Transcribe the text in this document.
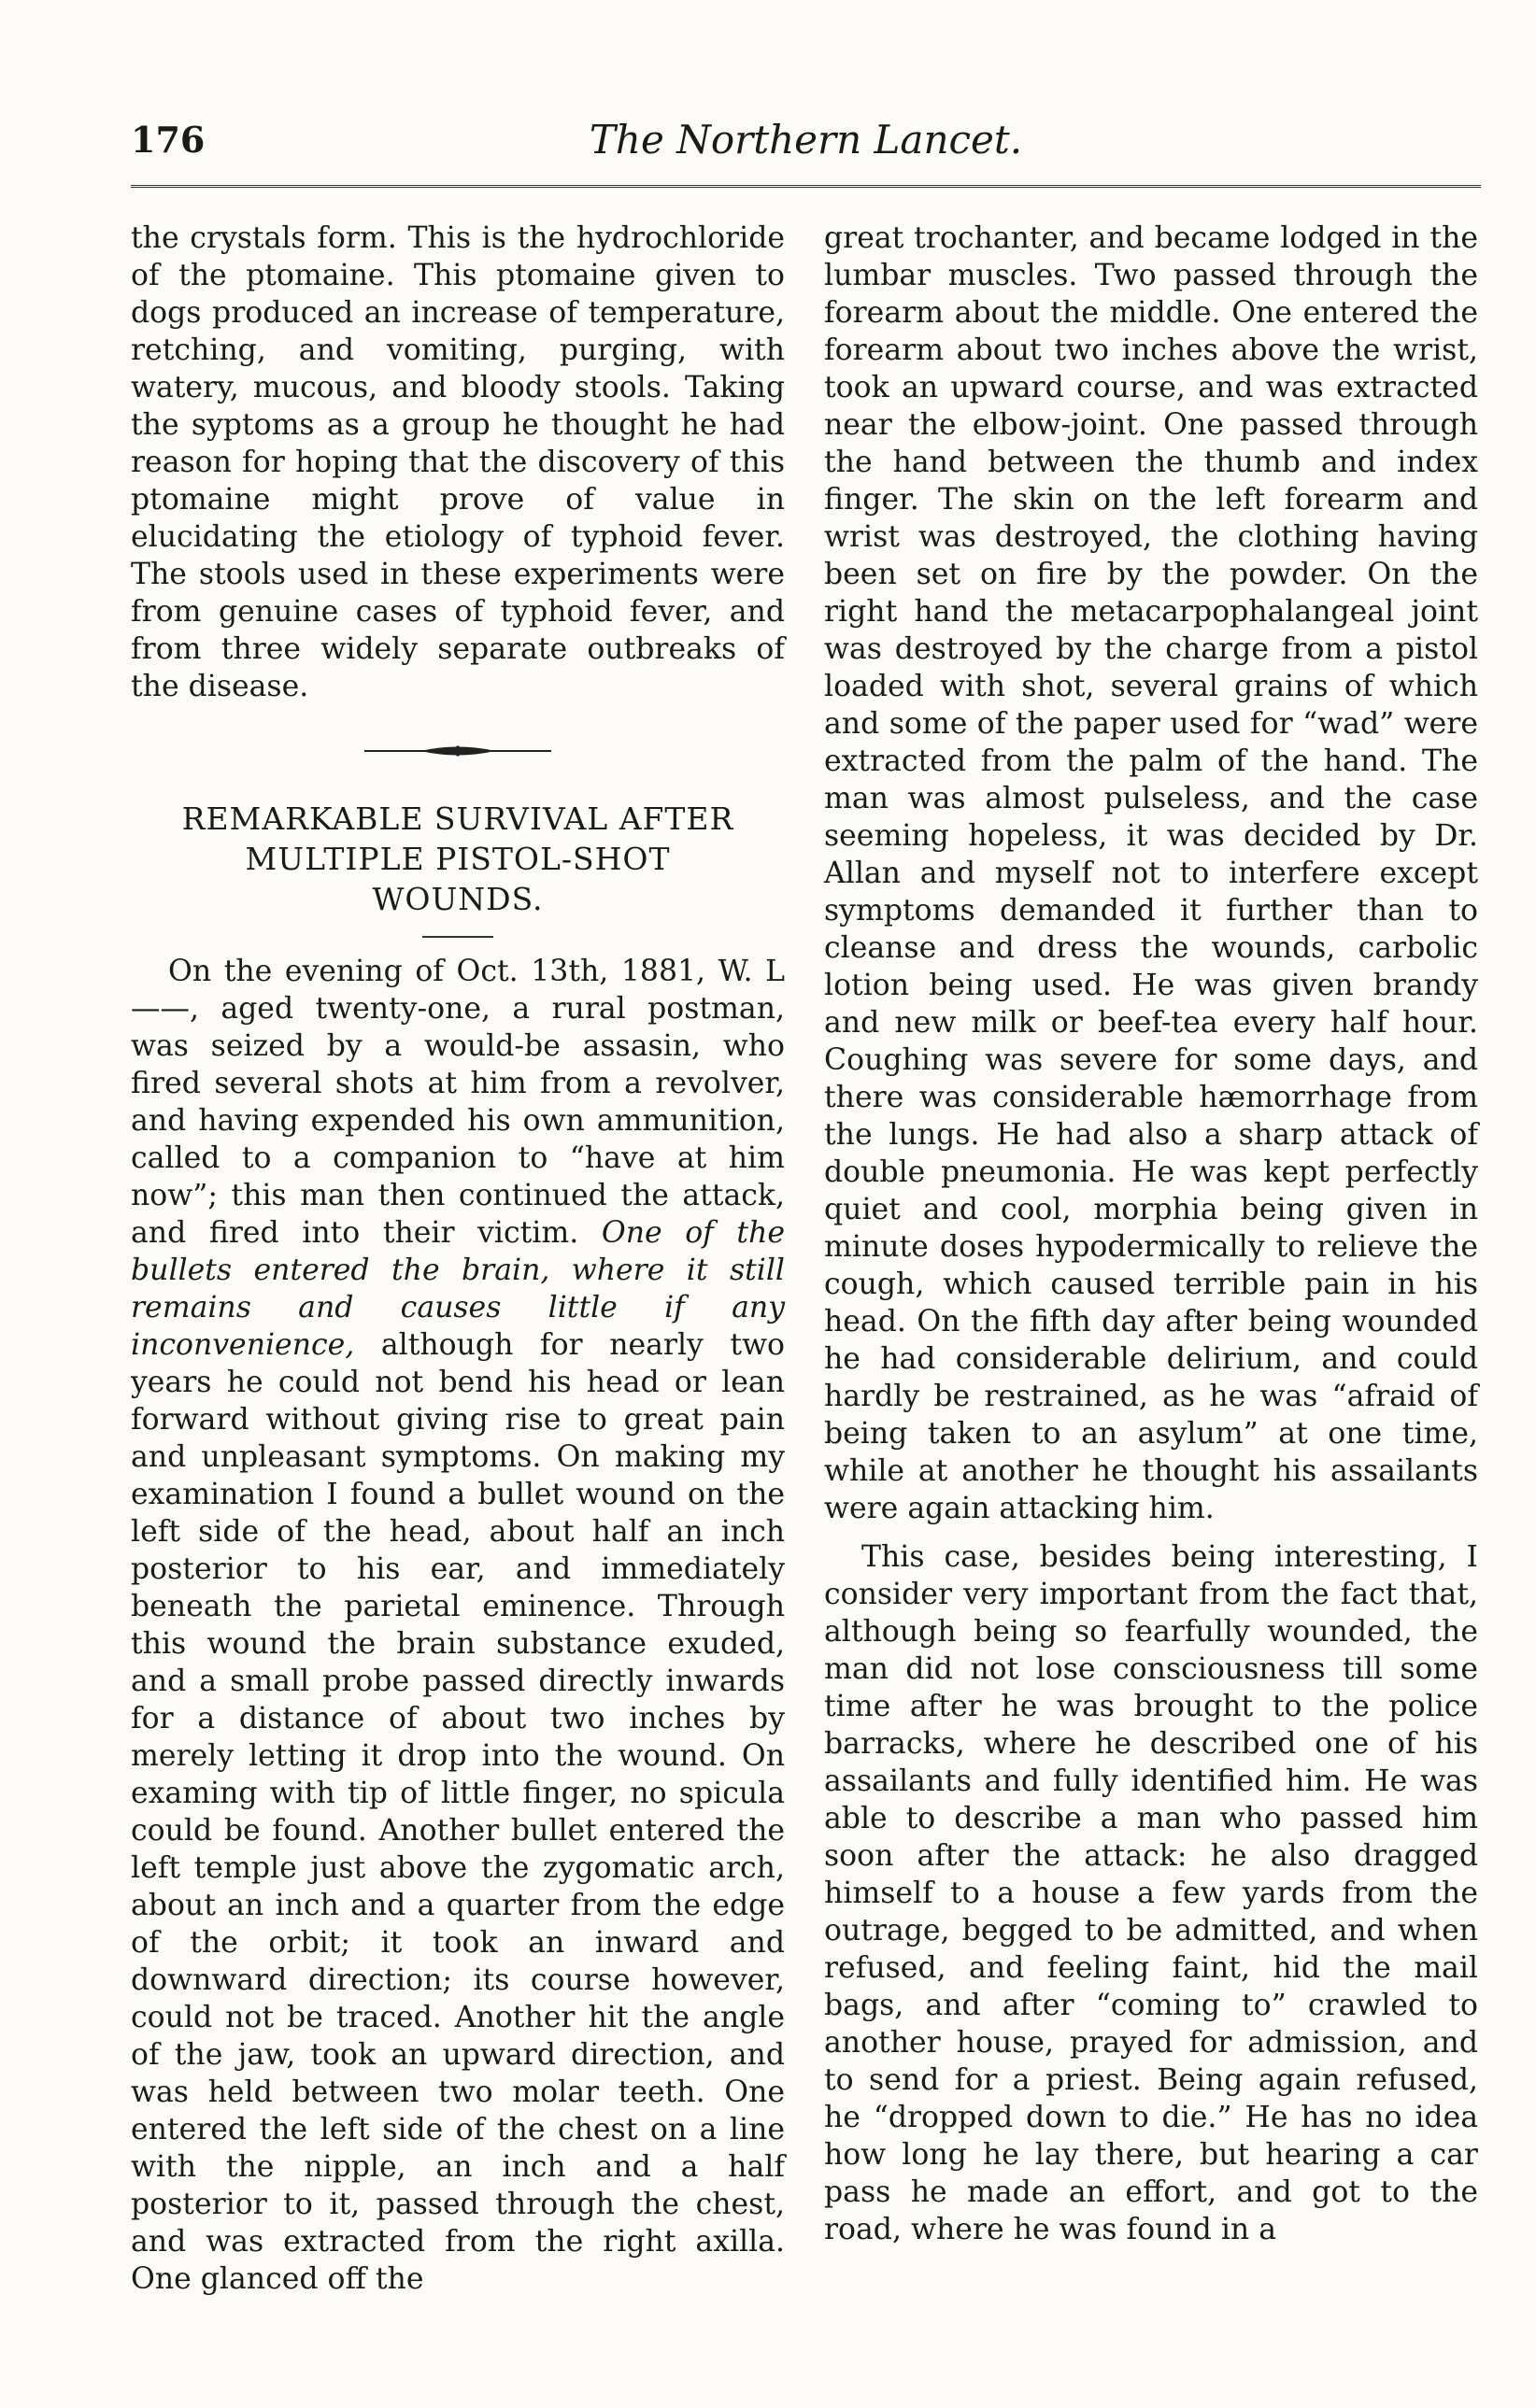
176	The Northern Lancet.

the crystals form. This is the hydrochloride of the ptomaine. This ptomaine given to dogs produced an increase of temperature, retching, and vomiting, purging, with watery, mucous, and bloody stools. Taking the syptoms as a group he thought he had reason for hoping that the discovery of this ptomaine might prove of value in elucidating the etiology of typhoid fever. The stools used in these experiments were from genuine cases of typhoid fever, and from three widely separate outbreaks of the disease.

REMARKABLE SURVIVAL AFTER
MULTIPLE PISTOL-SHOT
WOUNDS.

On the evening of Oct. 13th, 1881, W. L——, aged twenty-one, a rural postman, was seized by a would-be assasin, who fired several shots at him from a revolver, and having expended his own ammunition, called to a companion to “have at him now”; this man then continued the attack, and fired into their victim. One of the bullets entered the brain, where it still remains and causes little if any inconvenience, although for nearly two years he could not bend his head or lean forward without giving rise to great pain and unpleasant symptoms. On making my examination I found a bullet wound on the left side of the head, about half an inch posterior to his ear, and immediately beneath the parietal eminence. Through this wound the brain substance exuded, and a small probe passed directly inwards for a distance of about two inches by merely letting it drop into the wound. On examing with tip of little finger, no spicula could be found. Another bullet entered the left temple just above the zygomatic arch, about an inch and a quarter from the edge of the orbit; it took an inward and downward direction; its course however, could not be traced. Another hit the angle of the jaw, took an upward direction, and was held between two molar teeth. One entered the left side of the chest on a line with the nipple, an inch and a half posterior to it, passed through the chest, and was extracted from the right axilla. One glanced off the

great trochanter, and became lodged in the lumbar muscles. Two passed through the forearm about the middle. One entered the forearm about two inches above the wrist, took an upward course, and was extracted near the elbow-joint. One passed through the hand between the thumb and index finger. The skin on the left forearm and wrist was destroyed, the clothing having been set on fire by the powder. On the right hand the metacarpophalangeal joint was destroyed by the charge from a pistol loaded with shot, several grains of which and some of the paper used for “wad” were extracted from the palm of the hand. The man was almost pulseless, and the case seeming hopeless, it was decided by Dr. Allan and myself not to interfere except symptoms demanded it further than to cleanse and dress the wounds, carbolic lotion being used. He was given brandy and new milk or beef-tea every half hour. Coughing was severe for some days, and there was considerable hæmorrhage from the lungs. He had also a sharp attack of double pneumonia. He was kept perfectly quiet and cool, morphia being given in minute doses hypodermically to relieve the cough, which caused terrible pain in his head. On the fifth day after being wounded he had considerable delirium, and could hardly be restrained, as he was “afraid of being taken to an asylum” at one time, while at another he thought his assailants were again attacking him.

This case, besides being interesting, I consider very important from the fact that, although being so fearfully wounded, the man did not lose consciousness till some time after he was brought to the police barracks, where he described one of his assailants and fully identified him. He was able to describe a man who passed him soon after the attack: he also dragged himself to a house a few yards from the outrage, begged to be admitted, and when refused, and feeling faint, hid the mail bags, and after “coming to” crawled to another house, prayed for admission, and to send for a priest. Being again refused, he “dropped down to die.” He has no idea how long he lay there, but hearing a car pass he made an effort, and got to the road, where he was found in a
